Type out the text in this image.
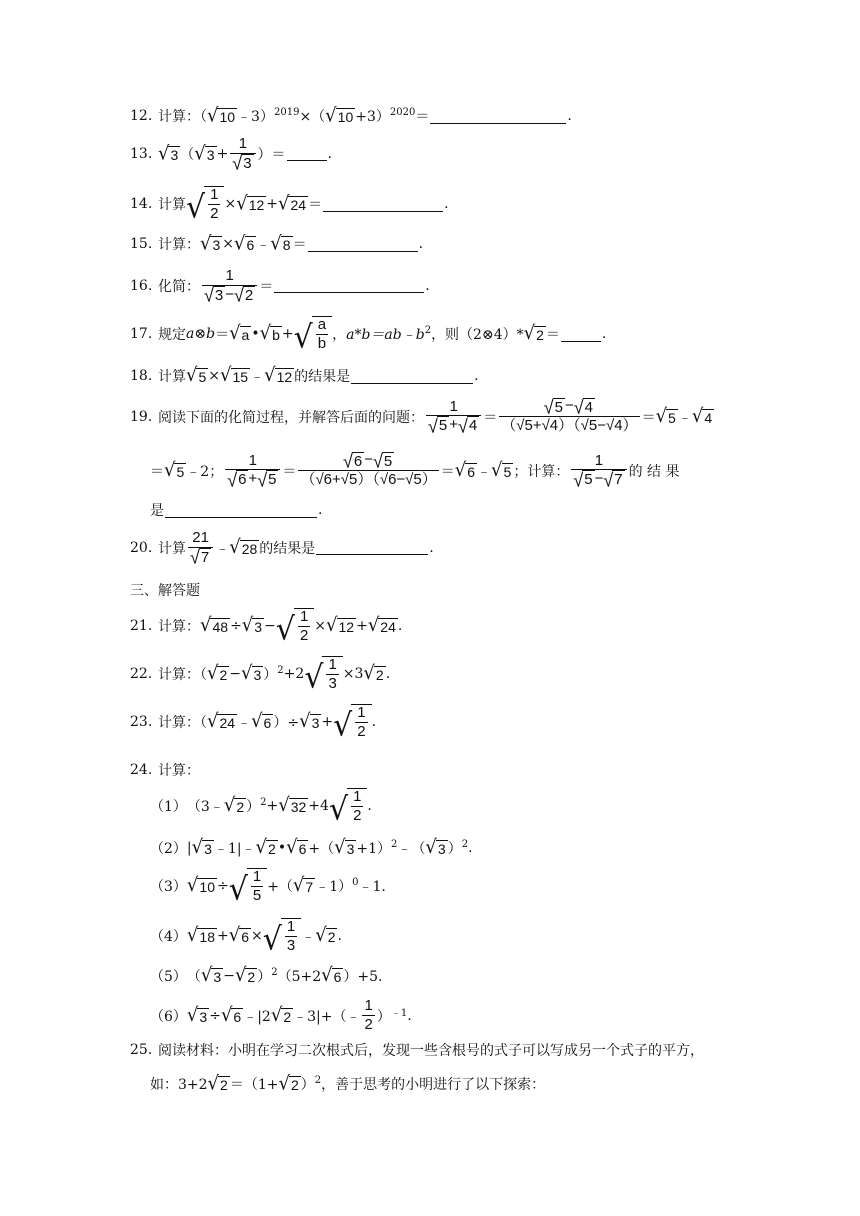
12. 计算：（ √ 10 ﹣3） 2019 ×（ √ 10 +3） 2020 ＝	.
13. √ 3 （ √ $3 + \frac{1}{√ 3}$ ）＝	.
14. 计算 √ $\frac{1}{2}$ × √ 12 + √ 24 ＝	.
15. 计算： √ 3 × √ 6 ﹣ √ 8 ＝	.
16. 化简：
1
√ 3 − √ 2 ＝	.
17. 规定 a ⊗ b ＝ √ a • √ b + √ $\frac{a}{b}$ ， a*b＝ab﹣b 2 ，则（2⊗4）* √ 2 ＝	.
18. 计算 √ 5 × √ 15 ﹣ √ 12 的结果是	.
19. 阅读下面的化简过程，并解答后面的问题：
1
√ 5 + √ 4 ＝	√ 5 − √ 4
（√5+√4）（√5−√4） ＝ √ 5 ﹣ √ 4
＝ √ 5 ﹣2；
1
√ 6 + √ 5 ＝	√ 6 − √ 5
（√6+√5）（√6−√5） ＝ √ 6 ﹣ √ 5 ；计算：
1
√ 5 − √ 7 的 结 果
是	.
20. 计算
21
√ 7 ﹣ √ 28 的结果是	.
三、解答题
21. 计算： √ 48 ÷ √ 3 − √ $\frac{1}{2}$ × √ 12 + √ 24 .
22. 计算：（ √ 2 − √ 3 ） 2 +2 √ $\frac{1}{3} \times 3$ √ 2 .
23. 计算：（ √ 24 ﹣ √ 6 ）÷ √ 3 + √ $\frac{1}{2}$ .
24. 计算：
（1） （3﹣ √ 2 ） 2 + √ 32 +4 √ $\frac{1}{2}$ .
（2） | √ 3 ﹣1|﹣ √ 2 • √ 6 +（ √ 3 +1） 2 ﹣（ √ 3 ） 2 .
（3） √ 10 ÷ √ $\frac{1}{5}$ +（ √ 7 ﹣1） 0 ﹣1.
（4） √ 18 + √ 6 × √ $\frac{1}{3}$ ﹣ √ 2 .
（5） （ √ 3 − √ 2 ） 2 （5+2 √ 6 ）+5.
（6） √ 3 ÷ √ 6 ﹣|2 √ 2 ﹣3|+（﹣ $\frac{1}{2}$ ） ﹣1 .
25. 阅读材料：小明在学习二次根式后，发现一些含根号的式子可以写成另一个式子的平方，
如：3+2 √ 2 ＝（1+ √ 2 ） 2 ，善于思考的小明进行了以下探索：
